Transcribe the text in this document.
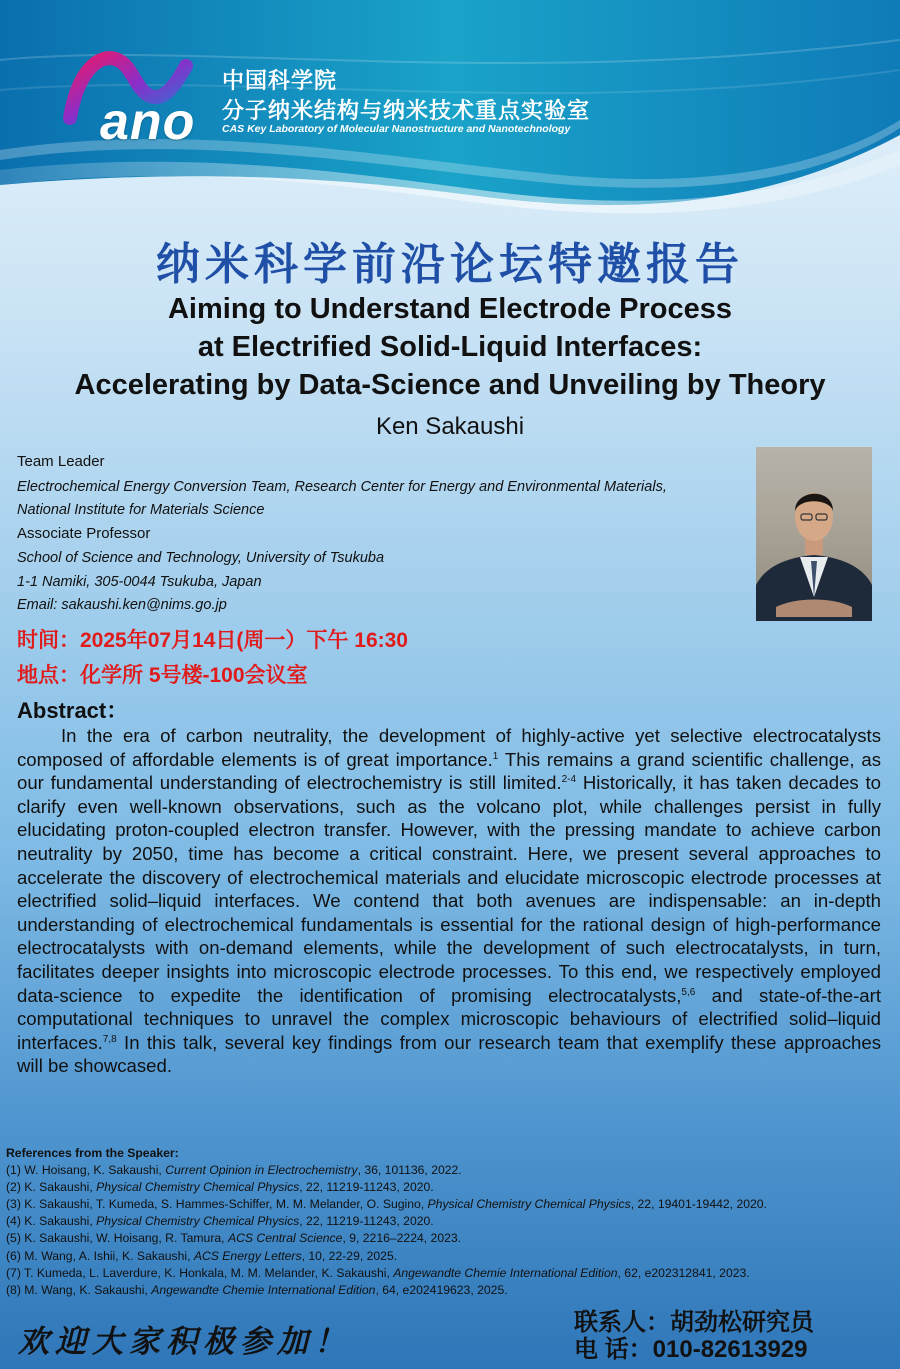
ano
中国科学院
分子纳米结构与纳米技术重点实验室
CAS Key Laboratory of Molecular Nanostructure and Nanotechnology
纳米科学前沿论坛特邀报告
Aiming to Understand Electrode Process
at Electrified Solid-Liquid Interfaces:
Accelerating by Data-Science and Unveiling by Theory
Ken Sakaushi
Team Leader
Electrochemical Energy Conversion Team, Research Center for Energy and Environmental Materials,
National Institute for Materials Science
Associate Professor
School of Science and Technology, University of Tsukuba
1-1 Namiki, 305-0044 Tsukuba, Japan
Email: sakaushi.ken@nims.go.jp
时间：2025年07月14日(周一）下午 16:30
地点：化学所 5号楼-100会议室
Abstract：

In the era of carbon neutrality, the development of highly-active yet selective electrocatalysts composed of affordable elements is of great importance.$^1$ This remains a grand scientific challenge, as our fundamental understanding of electrochemistry is still limited.$^{2-4}$ Historically, it has taken decades to clarify even well-known observations, such as the volcano plot, while challenges persist in fully elucidating proton-coupled electron transfer. However, with the pressing mandate to achieve carbon neutrality by 2050, time has become a critical constraint. Here, we present several approaches to accelerate the discovery of electrochemical materials and elucidate microscopic electrode processes at electrified solid–liquid interfaces. We contend that both avenues are indispensable: an in-depth understanding of electrochemical fundamentals is essential for the rational design of high-performance electrocatalysts with on-demand elements, while the development of such electrocatalysts, in turn, facilitates deeper insights into microscopic electrode processes. To this end, we respectively employed data-science to expedite the identification of promising electrocatalysts,$^{5,6}$ and state-of-the-art computational techniques to unravel the complex microscopic behaviours of electrified solid–liquid interfaces.$^{7,8}$ In this talk, several key findings from our research team that exemplify these approaches will be showcased.

References from the Speaker:
(1) W. Hoisang, K. Sakaushi, Current Opinion in Electrochemistry, 36, 101136, 2022.
(2) K. Sakaushi, Physical Chemistry Chemical Physics, 22, 11219-11243, 2020.
(3) K. Sakaushi, T. Kumeda, S. Hammes-Schiffer, M. M. Melander, O. Sugino, Physical Chemistry Chemical Physics, 22, 19401-19442, 2020.
(4) K. Sakaushi, Physical Chemistry Chemical Physics, 22, 11219-11243, 2020.
(5) K. Sakaushi, W. Hoisang, R. Tamura, ACS Central Science, 9, 2216–2224, 2023.
(6) M. Wang, A. Ishii, K. Sakaushi, ACS Energy Letters, 10, 22-29, 2025.
(7) T. Kumeda, L. Laverdure, K. Honkala, M. M. Melander, K. Sakaushi, Angewandte Chemie International Edition, 62, e202312841, 2023.
(8) M. Wang, K. Sakaushi, Angewandte Chemie International Edition, 64, e202419623, 2025.
欢迎大家积极参加！
联系人：胡劲松研究员
电 话：010-82613929
